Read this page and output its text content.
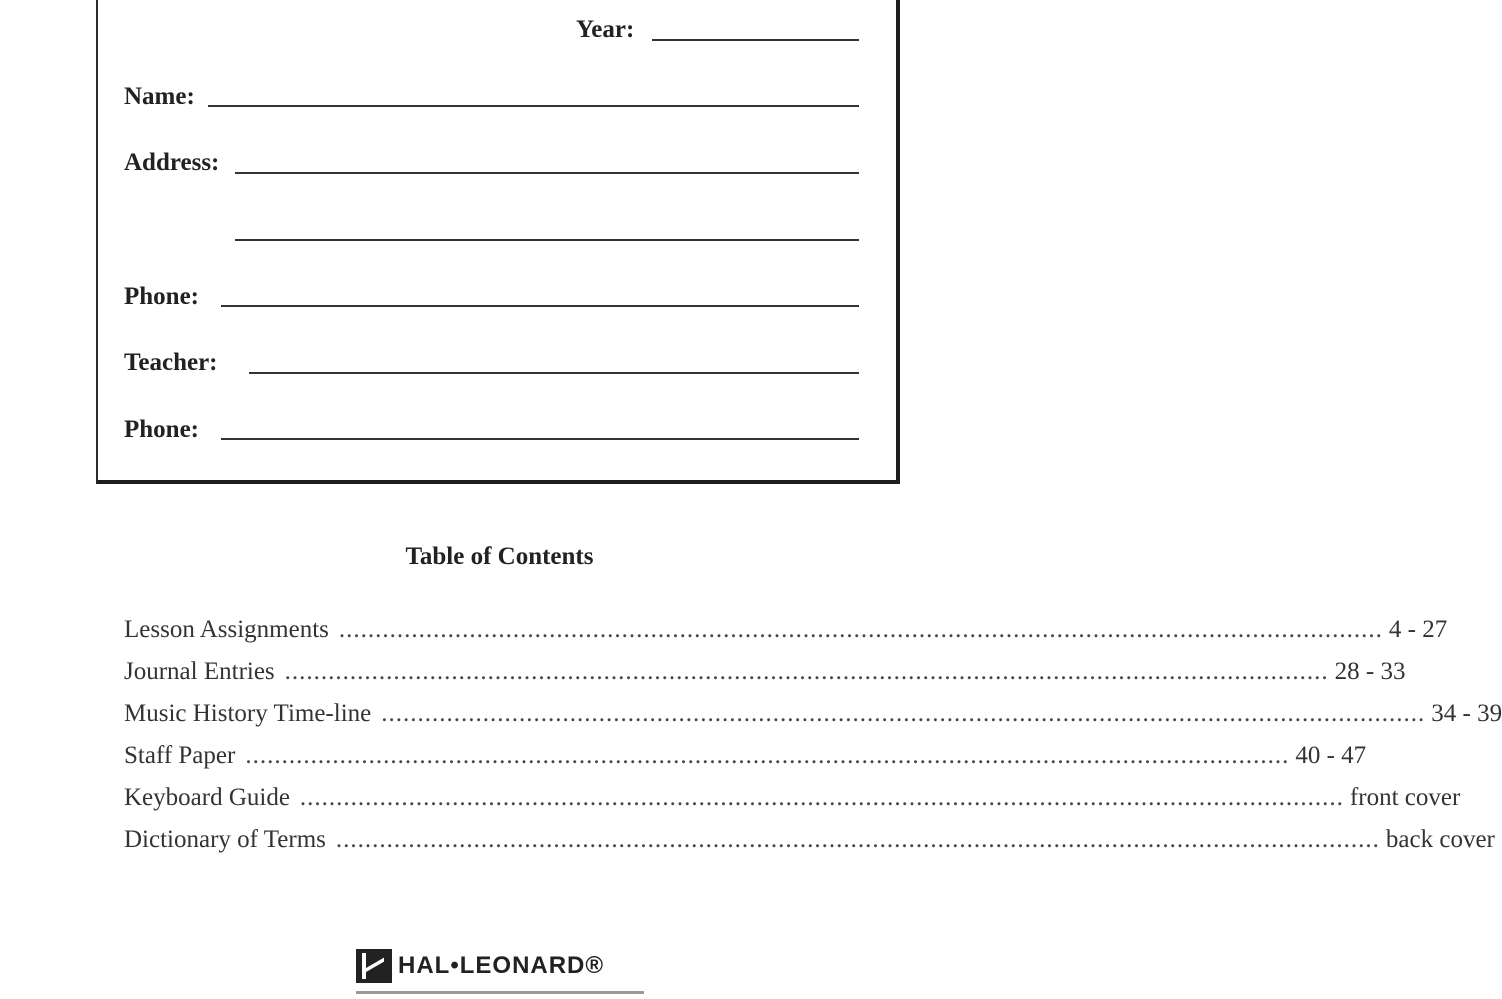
Year:
Name:
Address:
Phone:
Teacher:
Phone:
Table of Contents
Lesson Assignments ................................................................................................................................................ 4 - 27
Journal Entries ................................................................................................................................................ 28 - 33
Music History Time-line ................................................................................................................................................ 34 - 39
Staff Paper ................................................................................................................................................ 40 - 47
Keyboard Guide ................................................................................................................................................ front cover
Dictionary of Terms ................................................................................................................................................ back cover
HAL•LEONARD®
